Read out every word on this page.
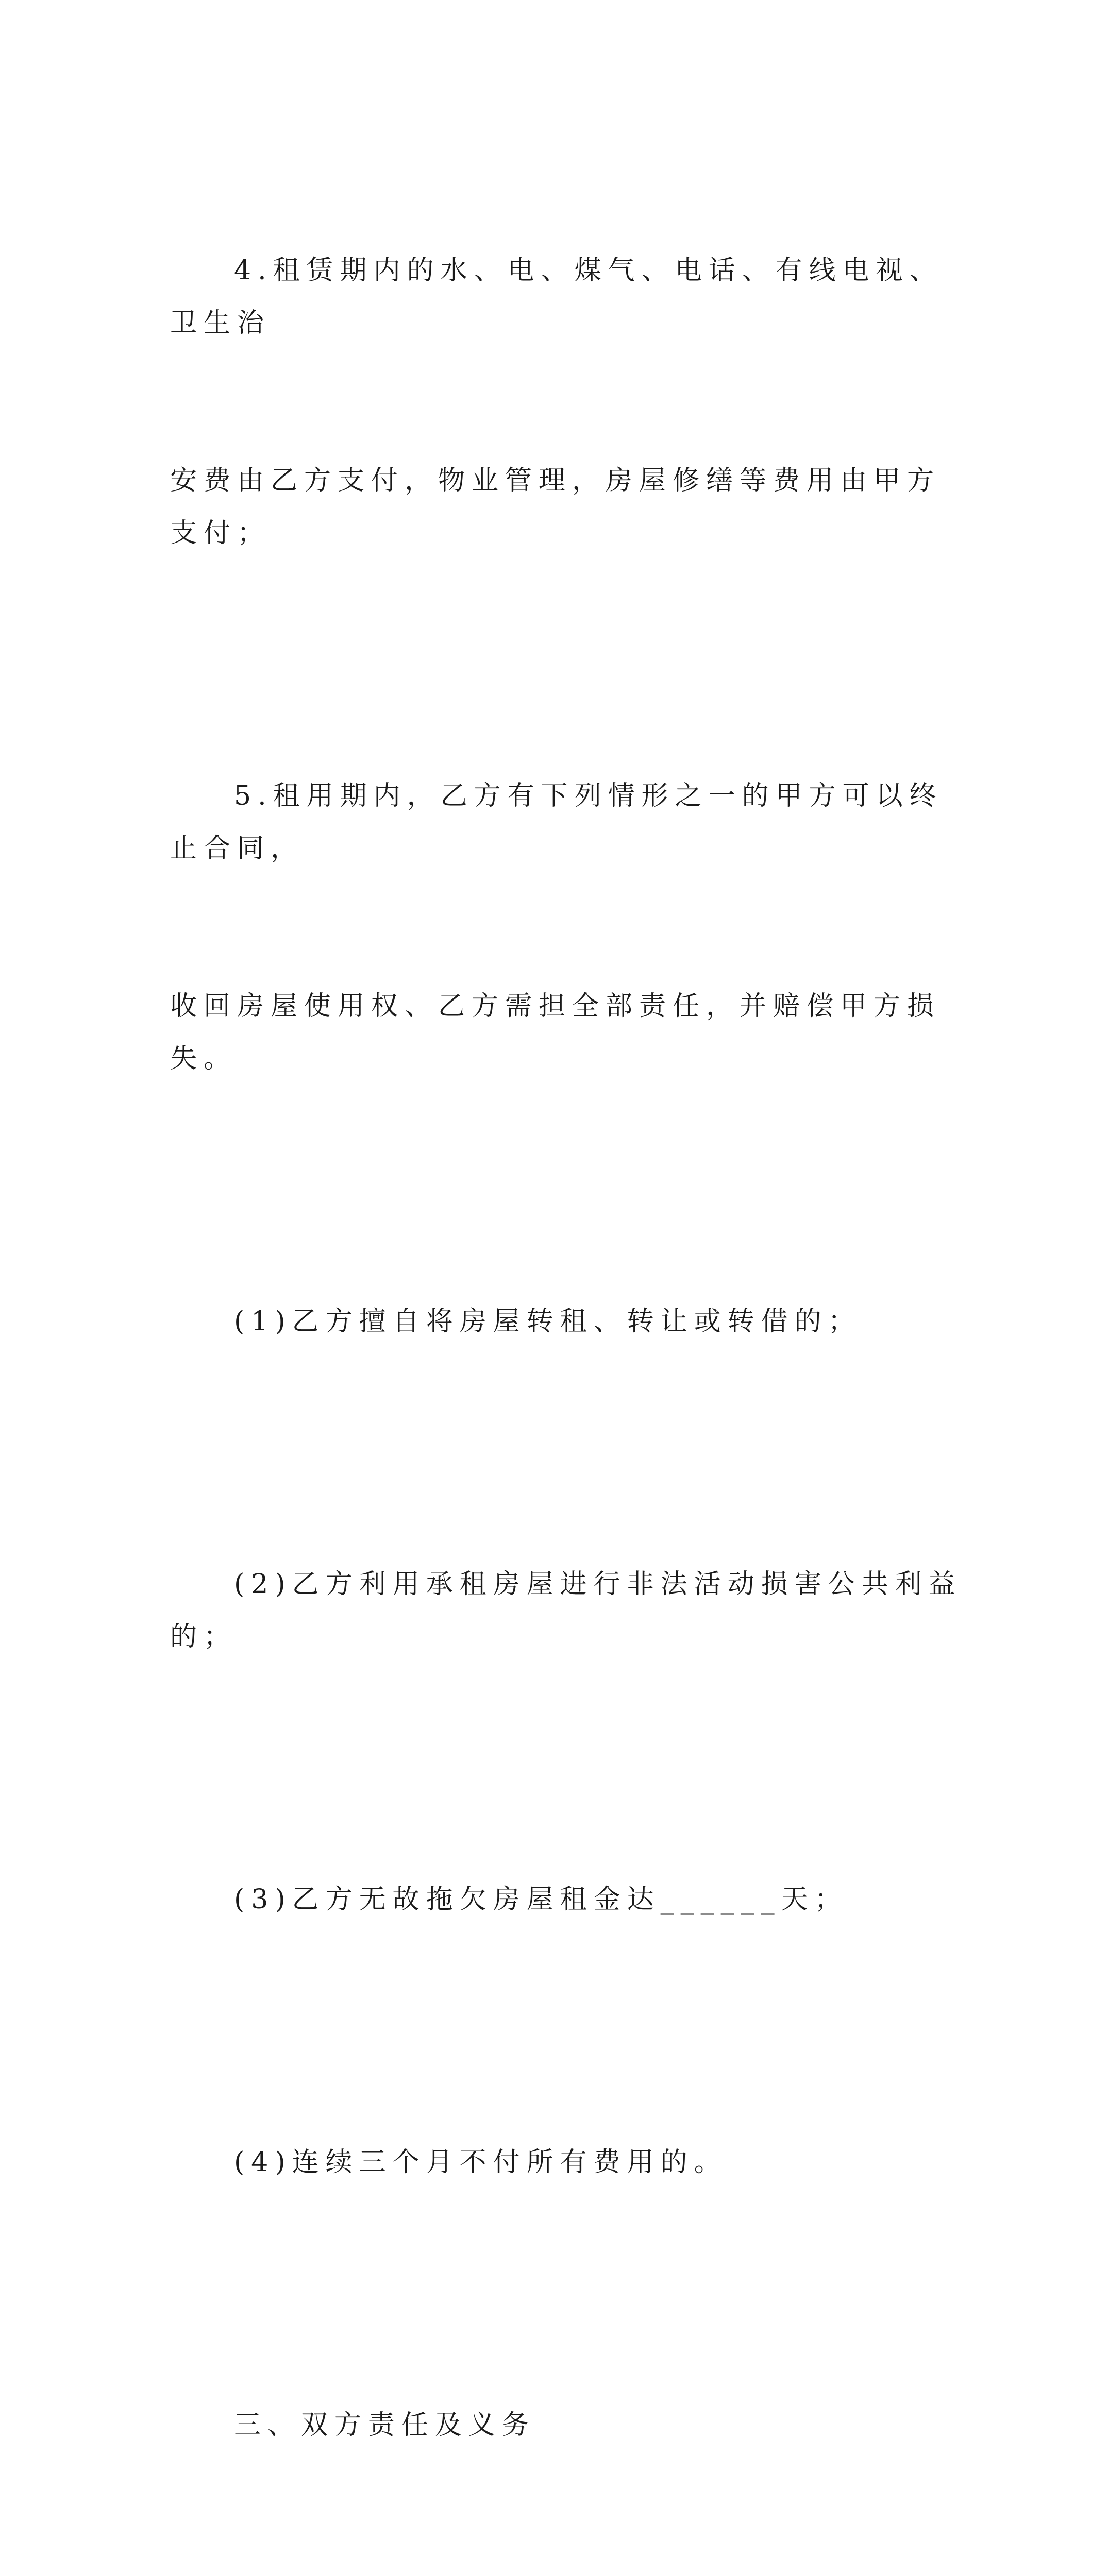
4.租赁期内的水、电、煤气、电话、有线电视、卫生治

安费由乙方支付，物业管理，房屋修缮等费用由甲方支付；

5.租用期内，乙方有下列情形之一的甲方可以终止合同，

收回房屋使用权、乙方需担全部责任，并赔偿甲方损失。

(1)乙方擅自将房屋转租、转让或转借的；

(2)乙方利用承租房屋进行非法活动损害公共利益的；

(3)乙方无故拖欠房屋租金达______天；

(4)连续三个月不付所有费用的。

三、双方责任及义务
